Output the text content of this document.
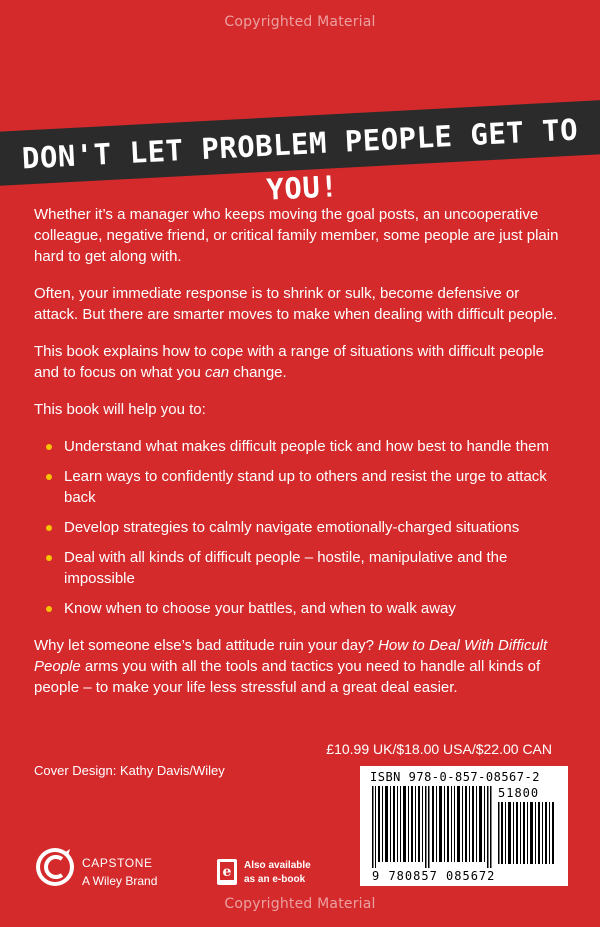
Copyrighted Material
DON'T LET PROBLEM PEOPLE GET TO YOU!

Whether it’s a manager who keeps moving the goal posts, an uncooperative colleague, negative friend, or critical family member, some people are just plain hard to get along with.

Often, your immediate response is to shrink or sulk, become defensive or attack. But there are smarter moves to make when dealing with difficult people.

This book explains how to cope with a range of situations with difficult people and to focus on what you can change.

This book will help you to:

Understand what makes difficult people tick and how best to handle them
Learn ways to confidently stand up to others and resist the urge to attack back
Develop strategies to calmly navigate emotionally-charged situations
Deal with all kinds of difficult people – hostile, manipulative and the impossible
Know when to choose your battles, and when to walk away

Why let someone else’s bad attitude ruin your day? How to Deal With Difficult People arms you with all the tools and tactics you need to handle all kinds of people – to make your life less stressful and a great deal easier.

£10.99 UK/$18.00 USA/$22.00 CAN
Cover Design: Kathy Davis/Wiley	ISBN 978-0-857-08567-2
51800
9 780857 085672
CAPSTONE
A Wiley Brand
e Also available
as an e-book
Copyrighted Material
